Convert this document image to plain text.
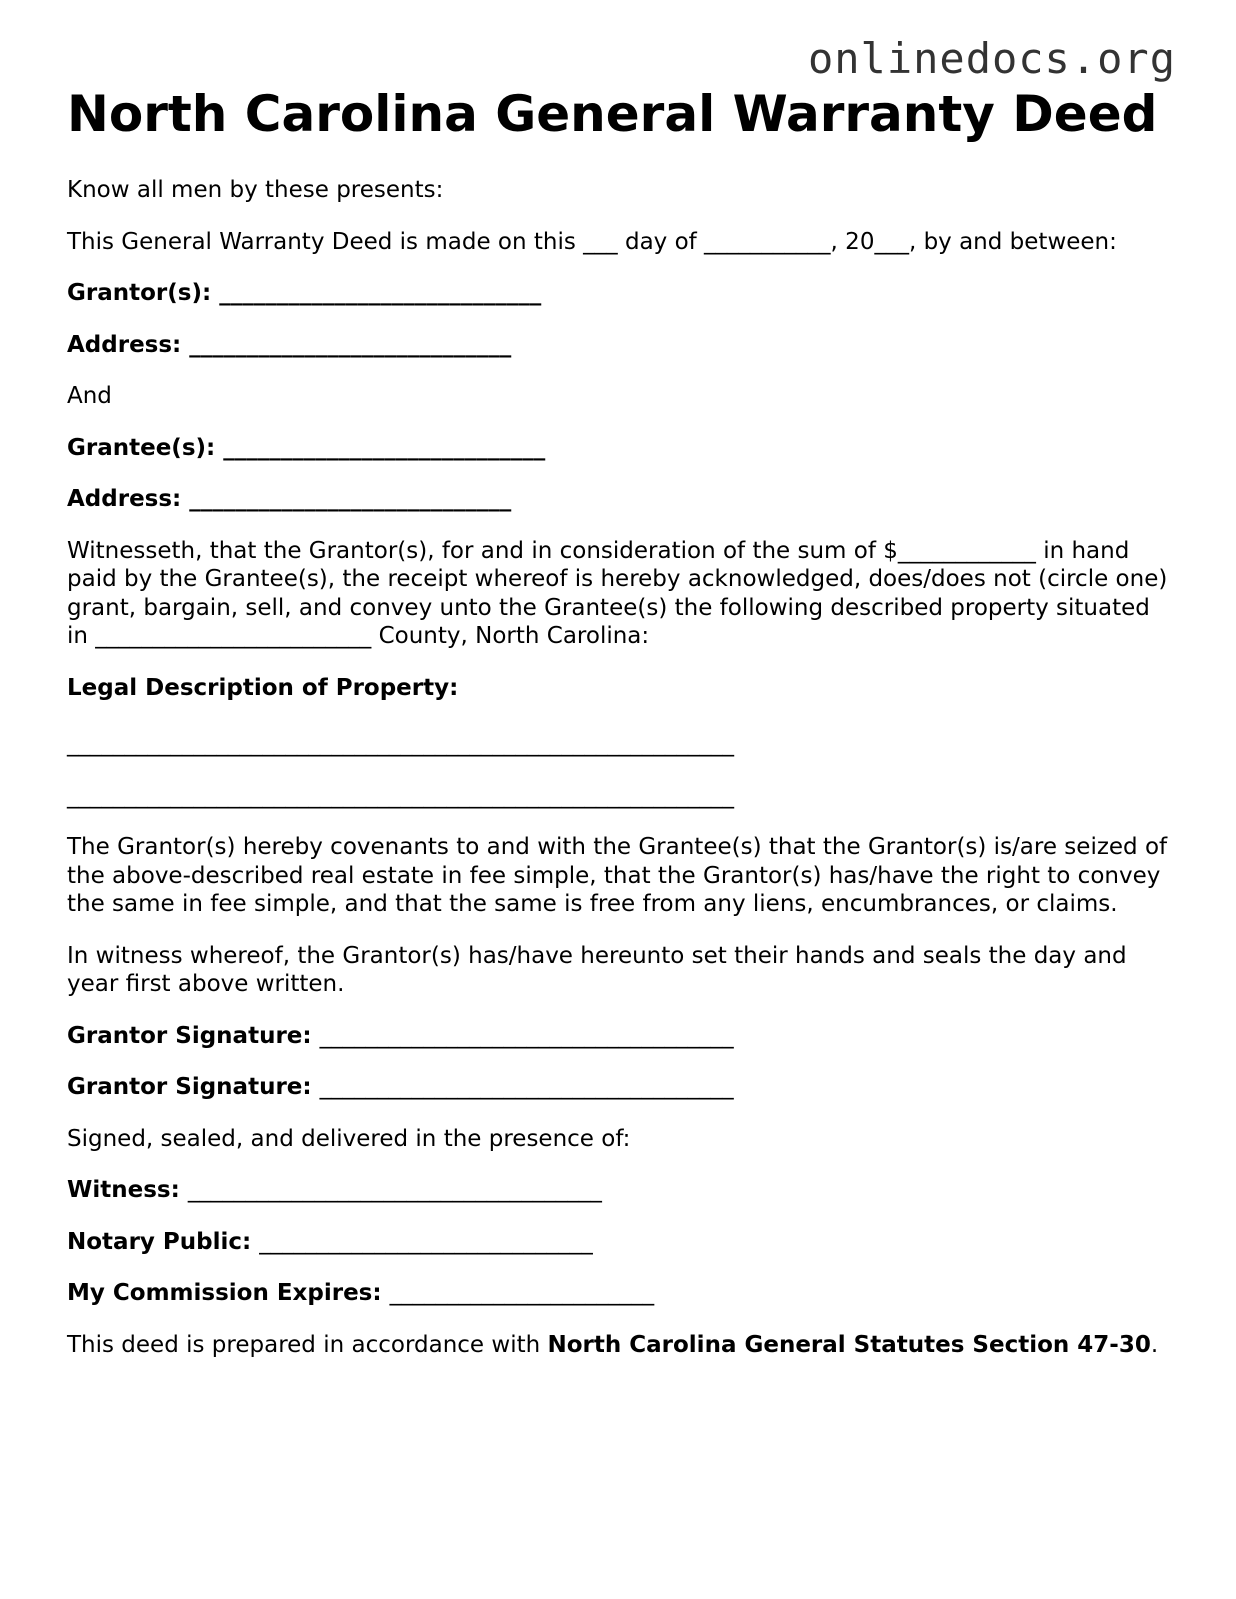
onlinedocs.org
North Carolina General Warranty Deed

Know all men by these presents:

This General Warranty Deed is made on this ___ day of ___________, 20___, by and between:

Grantor(s): ____________________________

Address: ____________________________

And

Grantee(s): ____________________________

Address: ____________________________

Witnesseth, that the Grantor(s), for and in consideration of the sum of $____________ in hand paid by the Grantee(s), the receipt whereof is hereby acknowledged, does/does not (circle one) grant, bargain, sell, and convey unto the Grantee(s) the following described property situated in ________________________ County, North Carolina:

Legal Description of Property:

__________________________________________________________

__________________________________________________________

The Grantor(s) hereby covenants to and with the Grantee(s) that the Grantor(s) is/are seized of the above-described real estate in fee simple, that the Grantor(s) has/have the right to convey the same in fee simple, and that the same is free from any liens, encumbrances, or claims.

In witness whereof, the Grantor(s) has/have hereunto set their hands and seals the day and year first above written.

Grantor Signature: ____________________________________

Grantor Signature: ____________________________________

Signed, sealed, and delivered in the presence of:

Witness: ____________________________________

Notary Public: _____________________________

My Commission Expires: _______________________

This deed is prepared in accordance with North Carolina General Statutes Section 47-30.
